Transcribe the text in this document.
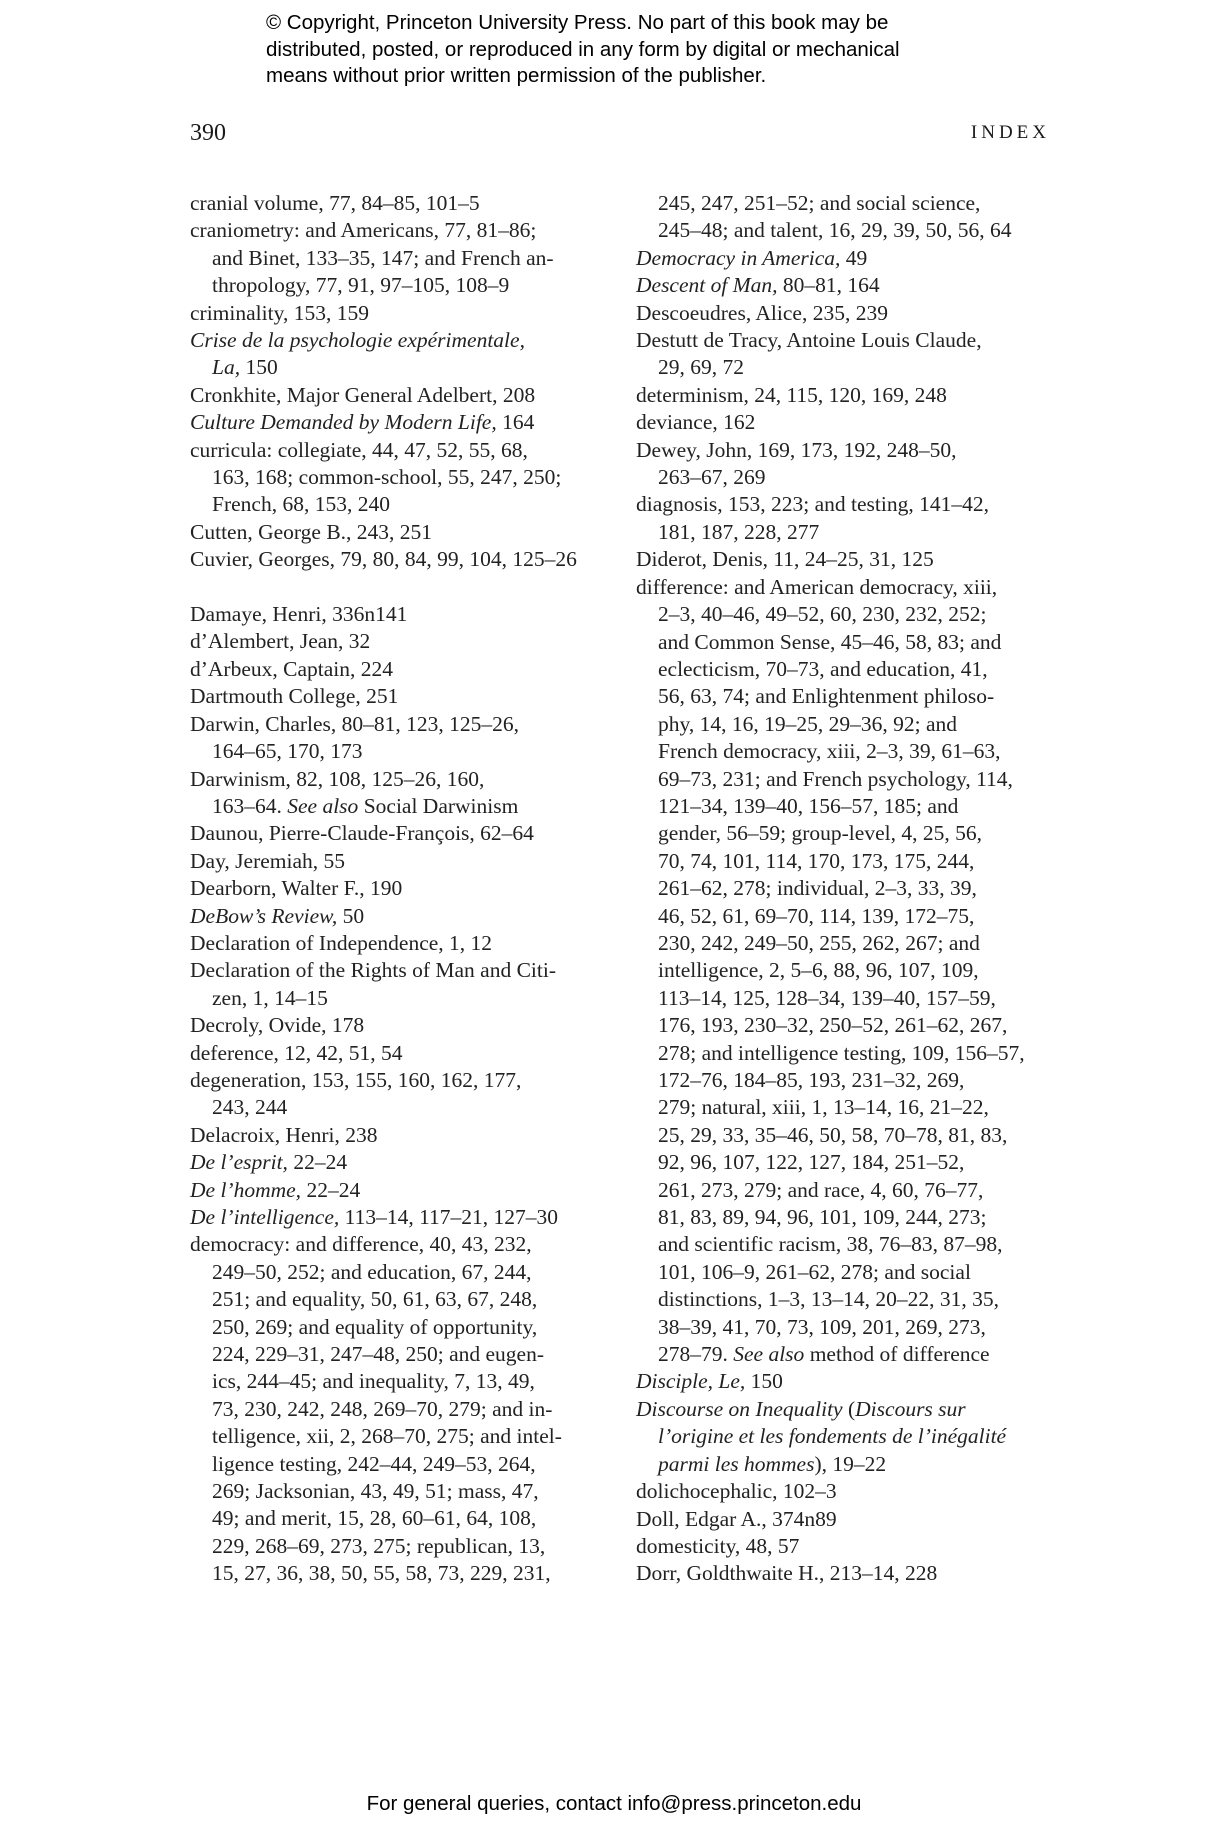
© Copyright, Princeton University Press. No part of this book may be
distributed, posted, or reproduced in any form by digital or mechanical
means without prior written permission of the publisher.
390	INDEX
cranial volume, 77, 84–85, 101–5
craniometry: and Americans, 77, 81–86;
and Binet, 133–35, 147; and French an-
thropology, 77, 91, 97–105, 108–9
criminality, 153, 159
Crise de la psychologie expérimentale,
La, 150
Cronkhite, Major General Adelbert, 208
Culture Demanded by Modern Life, 164
curricula: collegiate, 44, 47, 52, 55, 68,
163, 168; common-school, 55, 247, 250;
French, 68, 153, 240
Cutten, George B., 243, 251
Cuvier, Georges, 79, 80, 84, 99, 104, 125–26
Damaye, Henri, 336n141
d’Alembert, Jean, 32
d’Arbeux, Captain, 224
Dartmouth College, 251
Darwin, Charles, 80–81, 123, 125–26,
164–65, 170, 173
Darwinism, 82, 108, 125–26, 160,
163–64. See also Social Darwinism
Daunou, Pierre-Claude-François, 62–64
Day, Jeremiah, 55
Dearborn, Walter F., 190
DeBow’s Review, 50
Declaration of Independence, 1, 12
Declaration of the Rights of Man and Citi-
zen, 1, 14–15
Decroly, Ovide, 178
deference, 12, 42, 51, 54
degeneration, 153, 155, 160, 162, 177,
243, 244
Delacroix, Henri, 238
De l’esprit, 22–24
De l’homme, 22–24
De l’intelligence, 113–14, 117–21, 127–30
democracy: and difference, 40, 43, 232,
249–50, 252; and education, 67, 244,
251; and equality, 50, 61, 63, 67, 248,
250, 269; and equality of opportunity,
224, 229–31, 247–48, 250; and eugen-
ics, 244–45; and inequality, 7, 13, 49,
73, 230, 242, 248, 269–70, 279; and in-
telligence, xii, 2, 268–70, 275; and intel-
ligence testing, 242–44, 249–53, 264,
269; Jacksonian, 43, 49, 51; mass, 47,
49; and merit, 15, 28, 60–61, 64, 108,
229, 268–69, 273, 275; republican, 13,
15, 27, 36, 38, 50, 55, 58, 73, 229, 231,
245, 247, 251–52; and social science,
245–48; and talent, 16, 29, 39, 50, 56, 64
Democracy in America, 49
Descent of Man, 80–81, 164
Descoeudres, Alice, 235, 239
Destutt de Tracy, Antoine Louis Claude,
29, 69, 72
determinism, 24, 115, 120, 169, 248
deviance, 162
Dewey, John, 169, 173, 192, 248–50,
263–67, 269
diagnosis, 153, 223; and testing, 141–42,
181, 187, 228, 277
Diderot, Denis, 11, 24–25, 31, 125
difference: and American democracy, xiii,
2–3, 40–46, 49–52, 60, 230, 232, 252;
and Common Sense, 45–46, 58, 83; and
eclecticism, 70–73, and education, 41,
56, 63, 74; and Enlightenment philoso-
phy, 14, 16, 19–25, 29–36, 92; and
French democracy, xiii, 2–3, 39, 61–63,
69–73, 231; and French psychology, 114,
121–34, 139–40, 156–57, 185; and
gender, 56–59; group-level, 4, 25, 56,
70, 74, 101, 114, 170, 173, 175, 244,
261–62, 278; individual, 2–3, 33, 39,
46, 52, 61, 69–70, 114, 139, 172–75,
230, 242, 249–50, 255, 262, 267; and
intelligence, 2, 5–6, 88, 96, 107, 109,
113–14, 125, 128–34, 139–40, 157–59,
176, 193, 230–32, 250–52, 261–62, 267,
278; and intelligence testing, 109, 156–57,
172–76, 184–85, 193, 231–32, 269,
279; natural, xiii, 1, 13–14, 16, 21–22,
25, 29, 33, 35–46, 50, 58, 70–78, 81, 83,
92, 96, 107, 122, 127, 184, 251–52,
261, 273, 279; and race, 4, 60, 76–77,
81, 83, 89, 94, 96, 101, 109, 244, 273;
and scientific racism, 38, 76–83, 87–98,
101, 106–9, 261–62, 278; and social
distinctions, 1–3, 13–14, 20–22, 31, 35,
38–39, 41, 70, 73, 109, 201, 269, 273,
278–79. See also method of difference
Disciple, Le, 150
Discourse on Inequality (Discours sur
l’origine et les fondements de l’inégalité
parmi les hommes), 19–22
dolichocephalic, 102–3
Doll, Edgar A., 374n89
domesticity, 48, 57
Dorr, Goldthwaite H., 213–14, 228
For general queries, contact info@press.princeton.edu
